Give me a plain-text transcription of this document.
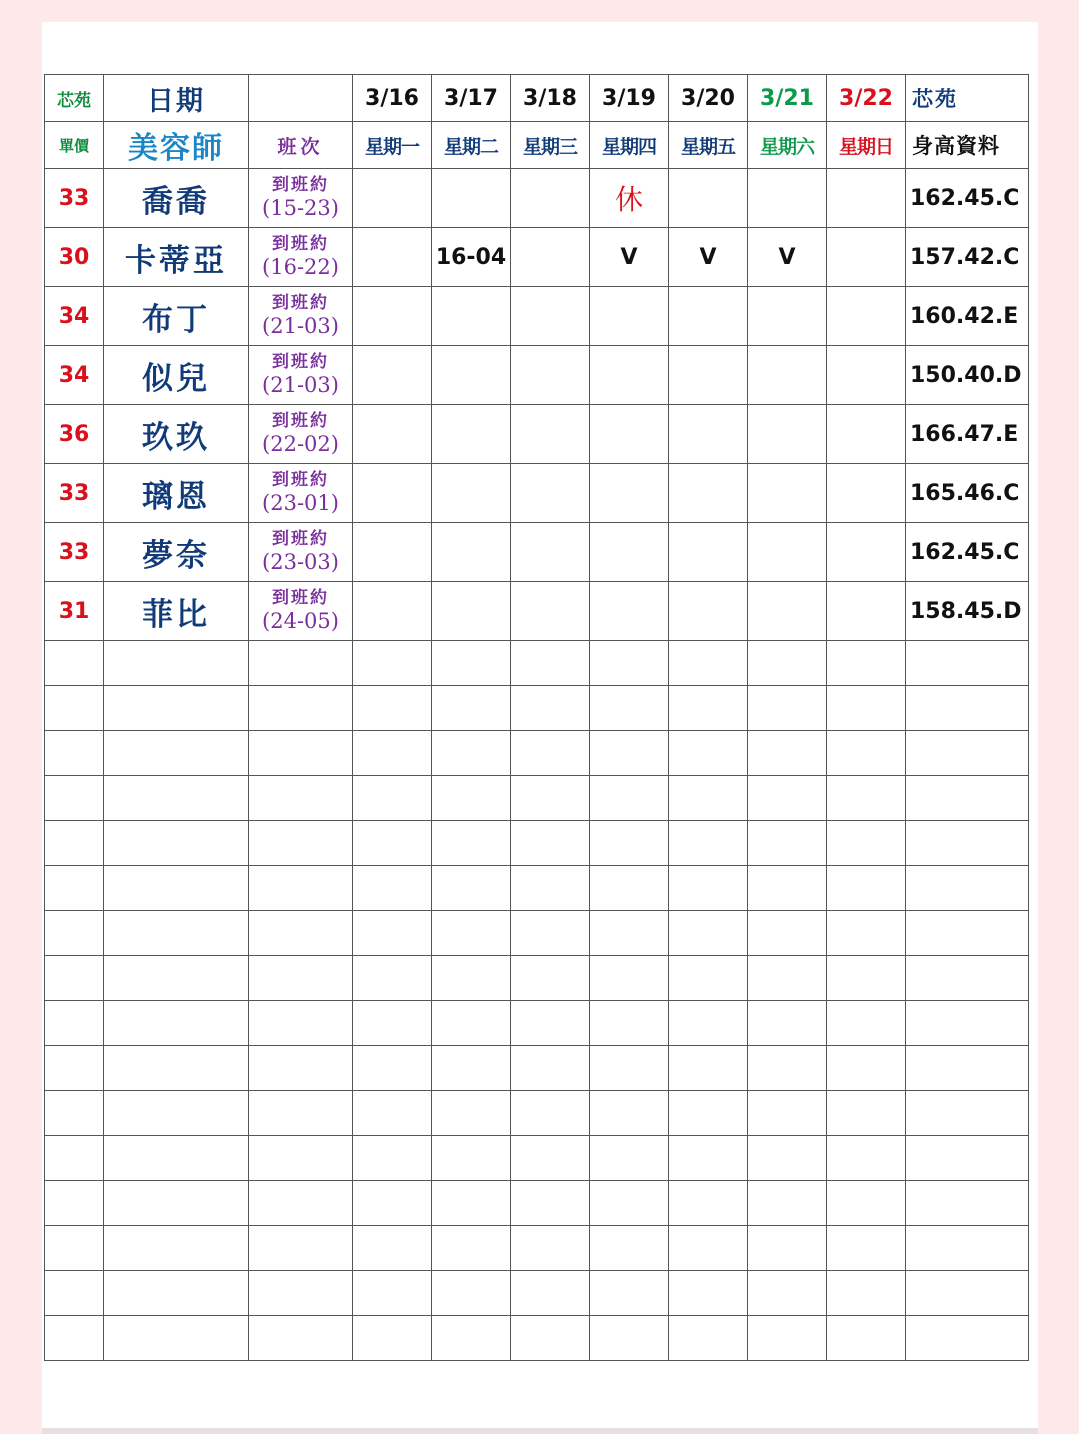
芯苑	日期		3/16	3/17	3/18	3/19	3/20	3/21	3/22	芯苑
單價	美容師	班次	星期一	星期二	星期三	星期四	星期五	星期六	星期日	身高資料
33	喬喬	到班約
(15-23)				休				162.45.C
30	卡蒂亞	到班約
(16-22)		16-04		V	V	V		157.42.C
34	布丁	到班約
(21-03)								160.42.E
34	似兒	到班約
(21-03)								150.40.D
36	玖玖	到班約
(22-02)								166.47.E
33	璃恩	到班約
(23-01)								165.46.C
33	夢奈	到班約
(23-03)								162.45.C
31	菲比	到班約
(24-05)								158.45.D
